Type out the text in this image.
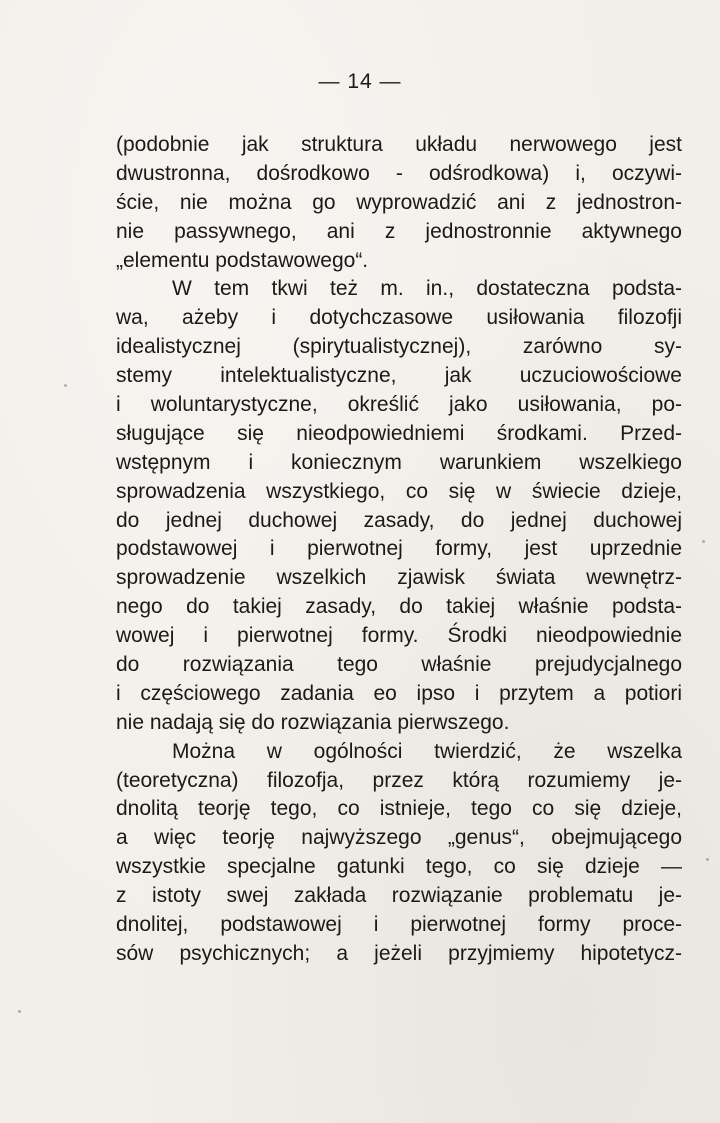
— 14 —
(podobnie jak struktura układu nerwowego jest
dwustronna, dośrodkowo - odśrodkowa) i, oczywi-
ście, nie można go wyprowadzić ani z jednostron-
nie passywnego, ani z jednostronnie aktywnego
„elementu podstawowego“.
W tem tkwi też m. in., dostateczna podsta-
wa, ażeby i dotychczasowe usiłowania filozofji
idealistycznej (spirytualistycznej), zarówno sy-
stemy intelektualistyczne, jak uczuciowościowe
i woluntarystyczne, określić jako usiłowania, po-
sługujące się nieodpowiedniemi środkami. Przed-
wstępnym i koniecznym warunkiem wszelkiego
sprowadzenia wszystkiego, co się w świecie dzieje,
do jednej duchowej zasady, do jednej duchowej
podstawowej i pierwotnej formy, jest uprzednie
sprowadzenie wszelkich zjawisk świata wewnętrz-
nego do takiej zasady, do takiej właśnie podsta-
wowej i pierwotnej formy. Środki nieodpowiednie
do rozwiązania tego właśnie prejudycjalnego
i częściowego zadania eo ipso i przytem a potiori
nie nadają się do rozwiązania pierwszego.
Można w ogólności twierdzić, że wszelka
(teoretyczna) filozofja, przez którą rozumiemy je-
dnolitą teorję tego, co istnieje, tego co się dzieje,
a więc teorję najwyższego „genus“, obejmującego
wszystkie specjalne gatunki tego, co się dzieje —
z istoty swej zakłada rozwiązanie problematu je-
dnolitej, podstawowej i pierwotnej formy proce-
sów psychicznych; a jeżeli przyjmiemy hipotetycz-
